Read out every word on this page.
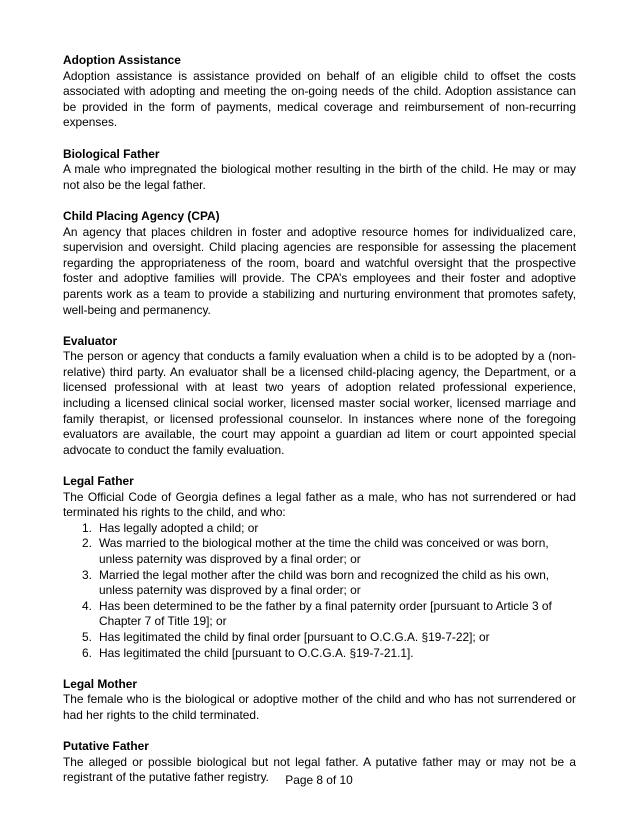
Adoption Assistance
Adoption assistance is assistance provided on behalf of an eligible child to offset the costs associated with adopting and meeting the on-going needs of the child. Adoption assistance can be provided in the form of payments, medical coverage and reimbursement of non-recurring expenses.
Biological Father
A male who impregnated the biological mother resulting in the birth of the child. He may or may not also be the legal father.
Child Placing Agency (CPA)
An agency that places children in foster and adoptive resource homes for individualized care, supervision and oversight. Child placing agencies are responsible for assessing the placement regarding the appropriateness of the room, board and watchful oversight that the prospective foster and adoptive families will provide. The CPA’s employees and their foster and adoptive parents work as a team to provide a stabilizing and nurturing environment that promotes safety, well-being and permanency.
Evaluator
The person or agency that conducts a family evaluation when a child is to be adopted by a (non-relative) third party. An evaluator shall be a licensed child-placing agency, the Department, or a licensed professional with at least two years of adoption related professional experience, including a licensed clinical social worker, licensed master social worker, licensed marriage and family therapist, or licensed professional counselor. In instances where none of the foregoing evaluators are available, the court may appoint a guardian ad litem or court appointed special advocate to conduct the family evaluation.
Legal Father
The Official Code of Georgia defines a legal father as a male, who has not surrendered or had terminated his rights to the child, and who:
1. Has legally adopted a child; or
2. Was married to the biological mother at the time the child was conceived or was born, unless paternity was disproved by a final order; or
3. Married the legal mother after the child was born and recognized the child as his own, unless paternity was disproved by a final order; or
4. Has been determined to be the father by a final paternity order [pursuant to Article 3 of Chapter 7 of Title 19]; or
5. Has legitimated the child by final order [pursuant to O.C.G.A. §19-7-22]; or
6. Has legitimated the child [pursuant to O.C.G.A. §19-7-21.1].
Legal Mother
The female who is the biological or adoptive mother of the child and who has not surrendered or had her rights to the child terminated.
Putative Father
The alleged or possible biological but not legal father. A putative father may or may not be a registrant of the putative father registry.	Page 8 of 10
